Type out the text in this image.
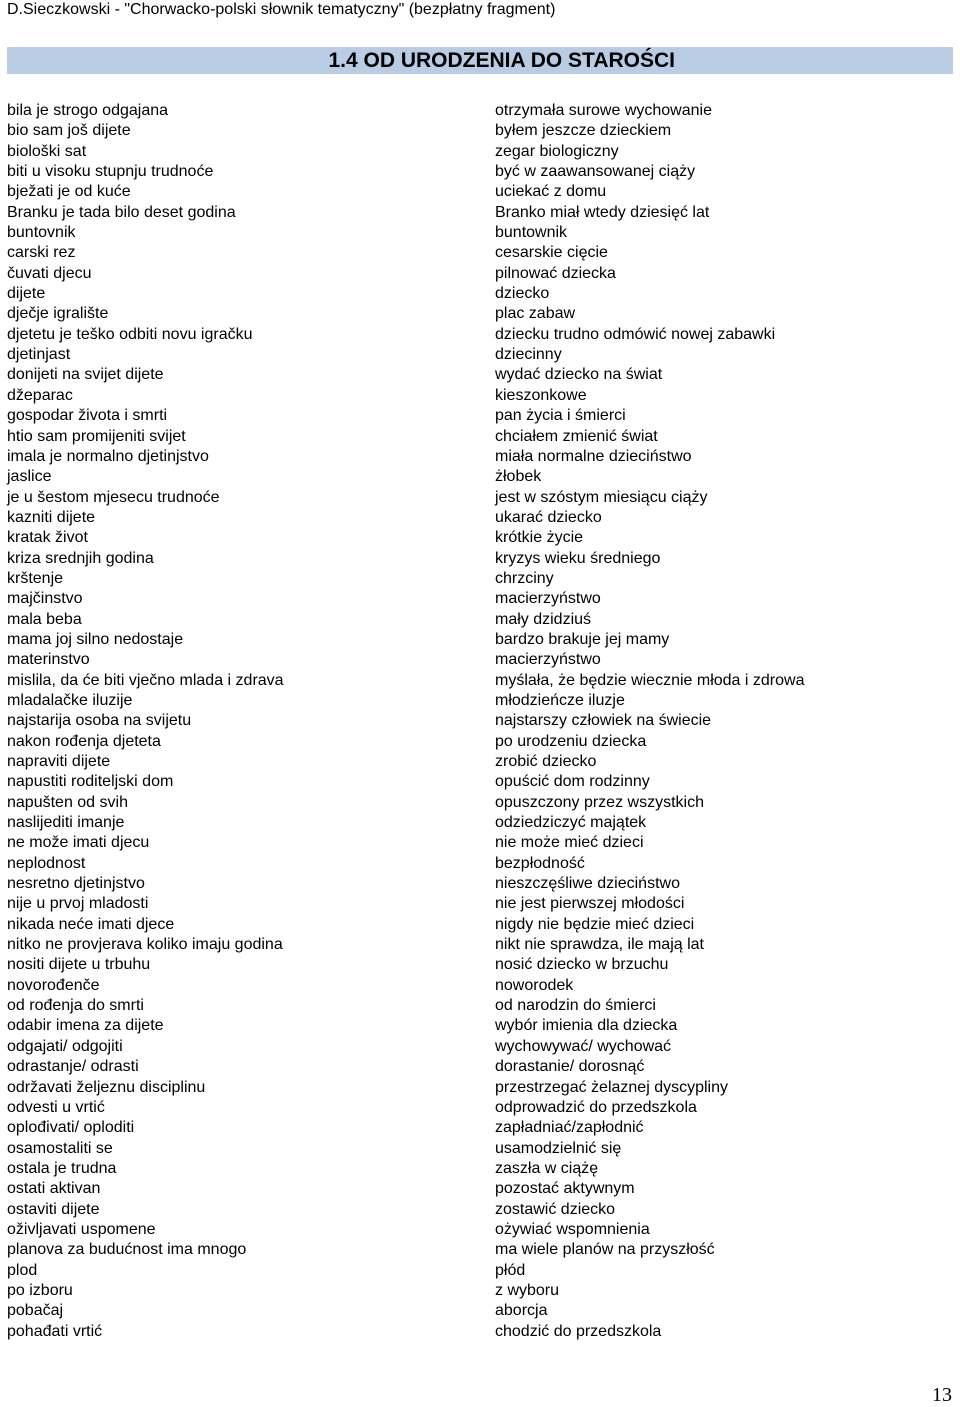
D.Sieczkowski - "Chorwacko-polski słownik tematyczny" (bezpłatny fragment)
1.4 OD URODZENIA DO STAROŚCI
bila je strogo odgajana	otrzymała surowe wychowanie
bio sam još dijete	byłem jeszcze dzieckiem
biološki sat	zegar biologiczny
biti u visoku stupnju trudnoće	być w zaawansowanej ciąży
bježati je od kuće	uciekać z domu
Branku je tada bilo deset godina	Branko miał wtedy dziesięć lat
buntovnik	buntownik
carski rez	cesarskie cięcie
čuvati djecu	pilnować dziecka
dijete	dziecko
dječje igralište	plac zabaw
djetetu je teško odbiti novu igračku	dziecku trudno odmówić nowej zabawki
djetinjast	dziecinny
donijeti na svijet dijete	wydać dziecko na świat
džeparac	kieszonkowe
gospodar života i smrti	pan życia i śmierci
htio sam promijeniti svijet	chciałem zmienić świat
imala je normalno djetinjstvo	miała normalne dzieciństwo
jaslice	żłobek
je u šestom mjesecu trudnoće	jest w szóstym miesiącu ciąży
kazniti dijete	ukarać dziecko
kratak život	krótkie życie
kriza srednjih godina	kryzys wieku średniego
krštenje	chrzciny
majčinstvo	macierzyństwo
mala beba	mały dzidziuś
mama joj silno nedostaje	bardzo brakuje jej mamy
materinstvo	macierzyństwo
mislila, da će biti vječno mlada i zdrava	myślała, że będzie wiecznie młoda i zdrowa
mladalačke iluzije	młodzieńcze iluzje
najstarija osoba na svijetu	najstarszy człowiek na świecie
nakon rođenja djeteta	po urodzeniu dziecka
napraviti dijete	zrobić dziecko
napustiti roditeljski dom	opuścić dom rodzinny
napušten od svih	opuszczony przez wszystkich
naslijediti imanje	odziedziczyć majątek
ne može imati djecu	nie może mieć dzieci
neplodnost	bezpłodność
nesretno djetinjstvo	nieszczęśliwe dzieciństwo
nije u prvoj mladosti	nie jest pierwszej młodości
nikada neće imati djece	nigdy nie będzie mieć dzieci
nitko ne provjerava koliko imaju godina	nikt nie sprawdza, ile mają lat
nositi dijete u trbuhu	nosić dziecko w brzuchu
novorođenče	noworodek
od rođenja do smrti	od narodzin do śmierci
odabir imena za dijete	wybór imienia dla dziecka
odgajati/ odgojiti	wychowywać/ wychować
odrastanje/ odrasti	dorastanie/ dorosnąć
održavati željeznu disciplinu	przestrzegać żelaznej dyscypliny
odvesti u vrtić	odprowadzić do przedszkola
oplođivati/ oploditi	zapładniać/zapłodnić
osamostaliti se	usamodzielnić się
ostala je trudna	zaszła w ciążę
ostati aktivan	pozostać aktywnym
ostaviti dijete	zostawić dziecko
oživljavati uspomene	ożywiać wspomnienia
planova za budućnost ima mnogo	ma wiele planów na przyszłość
plod	płód
po izboru	z wyboru
pobačaj	aborcja
pohađati vrtić	chodzić do przedszkola
13
